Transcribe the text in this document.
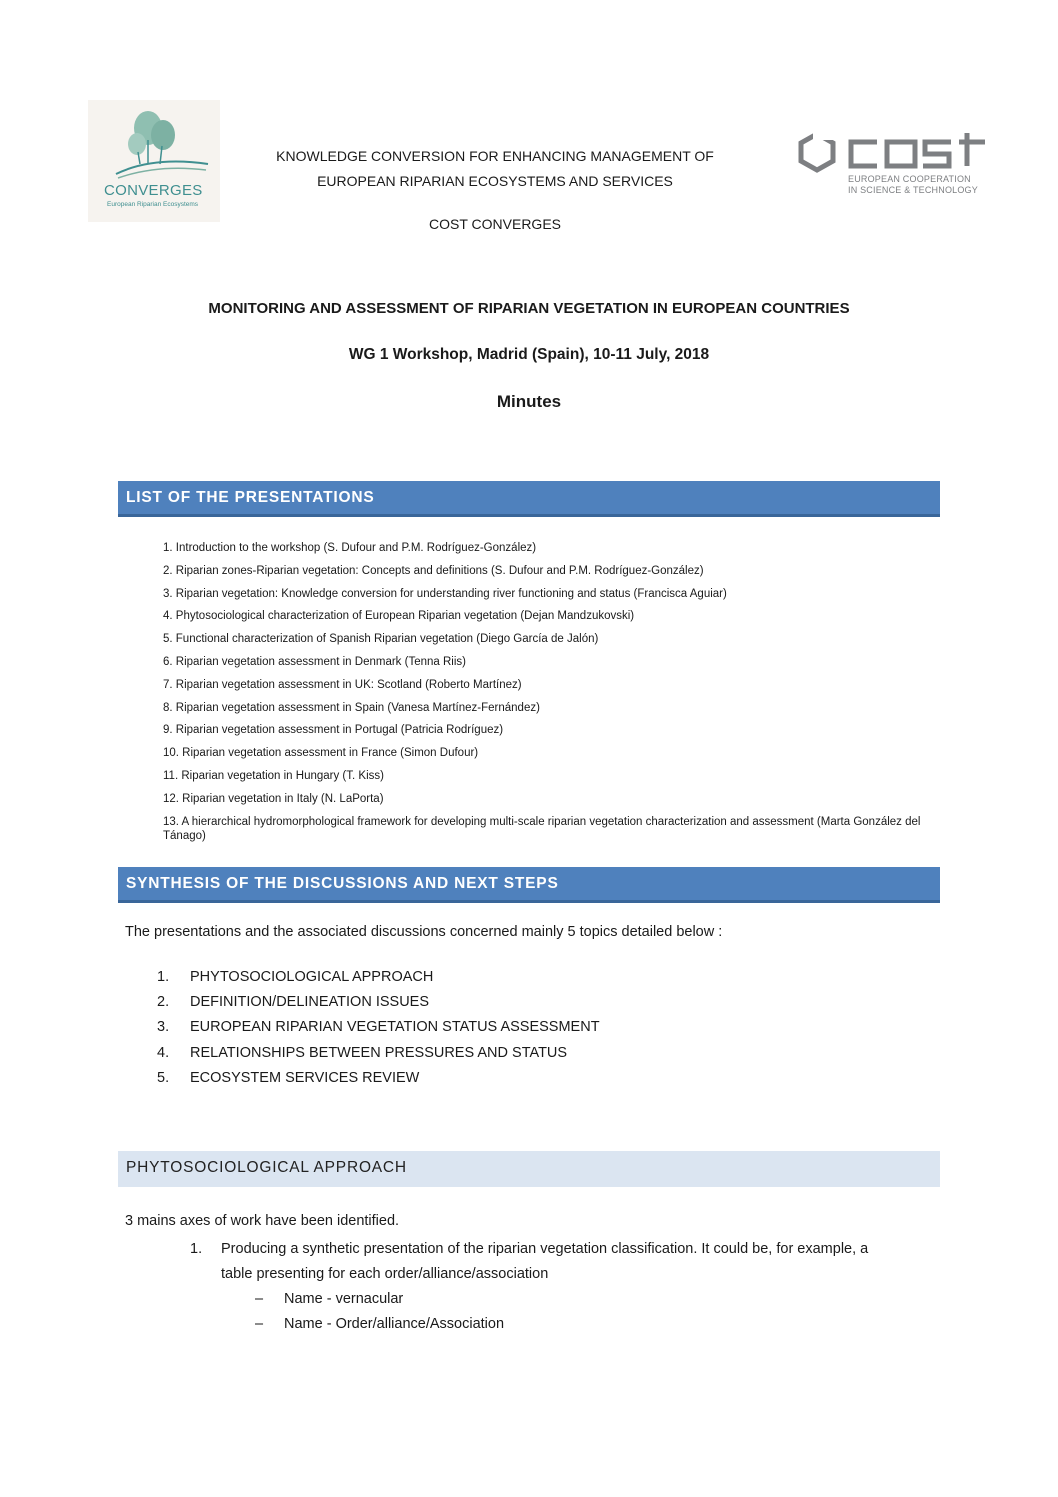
CONVERGES
European Riparian Ecosystems
KNOWLEDGE CONVERSION FOR ENHANCING MANAGEMENT OF
EUROPEAN RIPARIAN ECOSYSTEMS AND SERVICES
COST CONVERGES
EUROPEAN COOPERATION
IN SCIENCE & TECHNOLOGY
MONITORING AND ASSESSMENT OF RIPARIAN VEGETATION IN EUROPEAN COUNTRIES
WG 1 Workshop, Madrid (Spain), 10-11 July, 2018
Minutes
LIST OF THE PRESENTATIONS
1. Introduction to the workshop (S. Dufour and P.M. Rodríguez-González)
2. Riparian zones-Riparian vegetation: Concepts and definitions (S. Dufour and P.M. Rodríguez-González)
3. Riparian vegetation: Knowledge conversion for understanding river functioning and status (Francisca Aguiar)
4. Phytosociological characterization of European Riparian vegetation (Dejan Mandzukovski)
5. Functional characterization of Spanish Riparian vegetation (Diego García de Jalón)
6. Riparian vegetation assessment in Denmark (Tenna Riis)
7. Riparian vegetation assessment in UK: Scotland (Roberto Martínez)
8. Riparian vegetation assessment in Spain (Vanesa Martínez-Fernández)
9. Riparian vegetation assessment in Portugal (Patricia Rodríguez)
10. Riparian vegetation assessment in France (Simon Dufour)
11. Riparian vegetation in Hungary (T. Kiss)
12. Riparian vegetation in Italy (N. LaPorta)
13. A hierarchical hydromorphological framework for developing multi-scale riparian vegetation characterization and assessment (Marta González del Tánago)
SYNTHESIS OF THE DISCUSSIONS AND NEXT STEPS
The presentations and the associated discussions concerned mainly 5 topics detailed below :
1.	PHYTOSOCIOLOGICAL APPROACH
2.	DEFINITION/DELINEATION ISSUES
3.	EUROPEAN RIPARIAN VEGETATION STATUS ASSESSMENT
4.	RELATIONSHIPS BETWEEN PRESSURES AND STATUS
5.	ECOSYSTEM SERVICES REVIEW
PHYTOSOCIOLOGICAL APPROACH
3 mains axes of work have been identified.
1. Producing a synthetic presentation of the riparian vegetation classification. It could be, for example, a table presenting for each order/alliance/association
–	Name - vernacular
–	Name - Order/alliance/Association
